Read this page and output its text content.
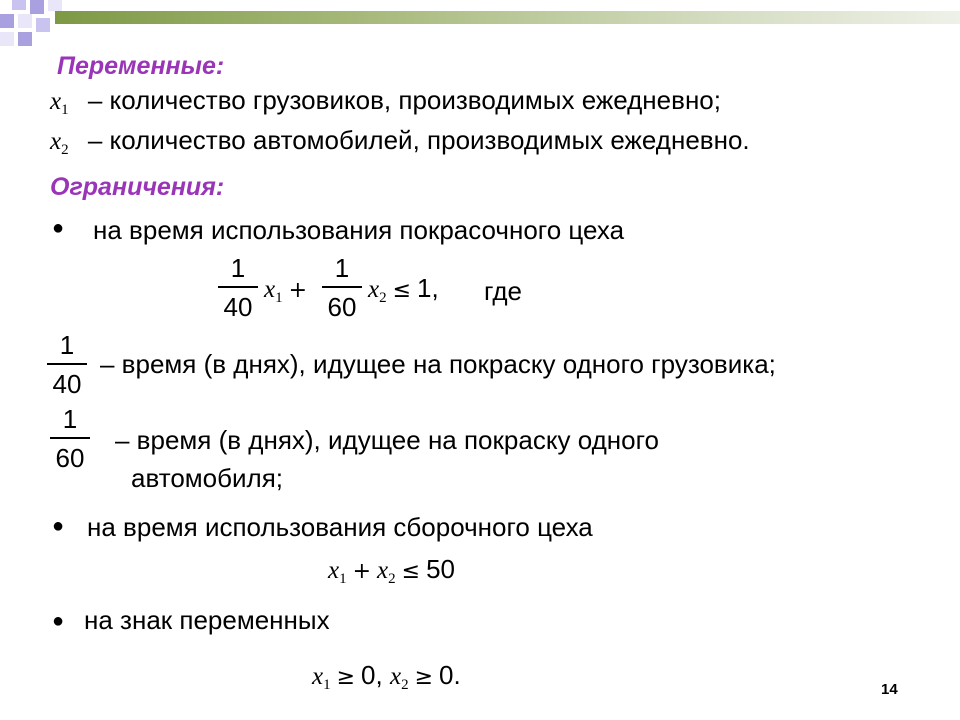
Переменные:
$x_1$ – количество грузовиков, производимых ежедневно;
$x_2$ – количество автомобилей, производимых ежедневно.
Ограничения:
● на время использования покрасочного цеха
1
40
$x_1$ +
1
60
$x_2 \le 1$, где
1
40
– время (в днях), идущее на покраску одного грузовика;
1
60
– время (в днях), идущее на покраску одного
автомобиля;
● на время использования сборочного цеха
$x_1 + x_2 \le 50$
● на знак переменных
$x_1 \ge 0$, $x_2 \ge 0$.	14
